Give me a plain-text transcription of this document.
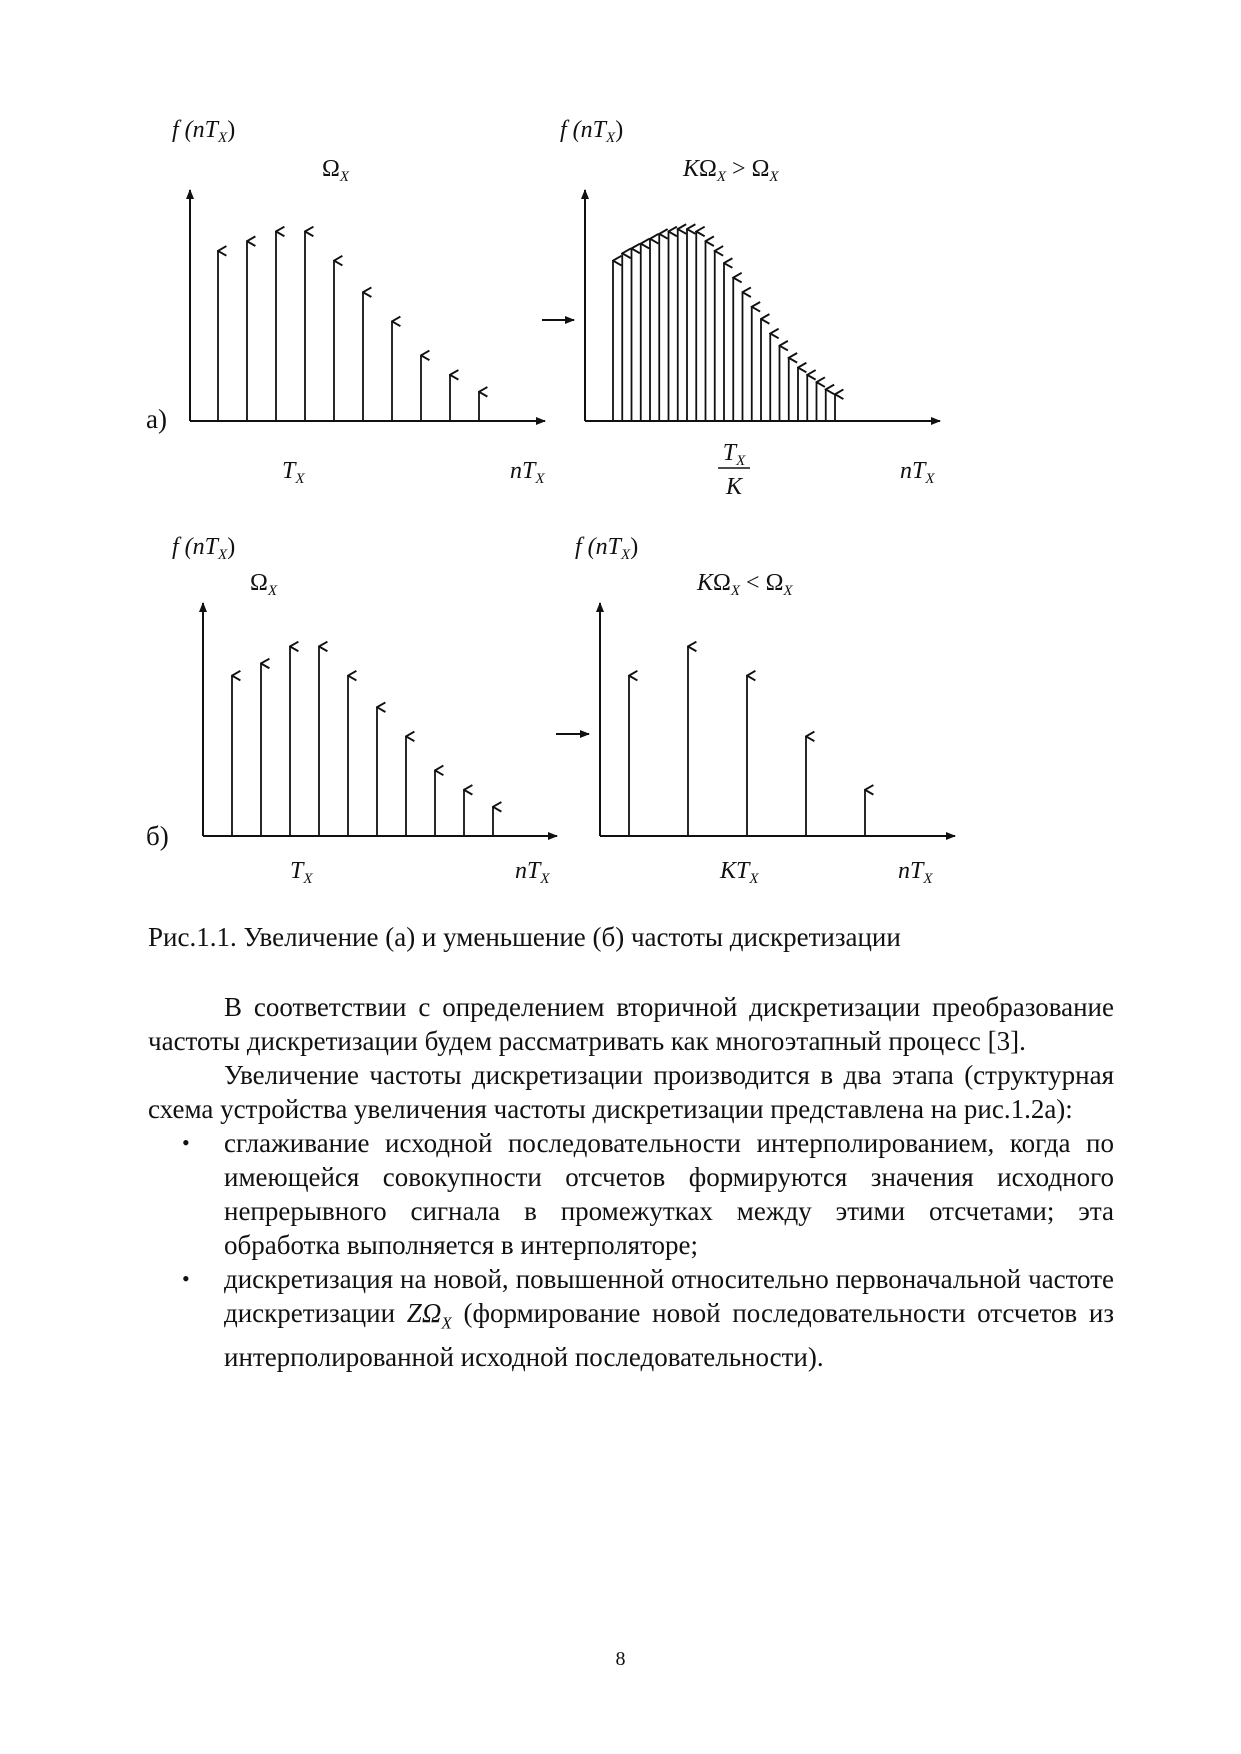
f $(nT_X)$
$\Omega_X$
а)
$nT_X$
$T_X$
f $(nT_X)$
$K\Omega_X > \Omega_X$
$nT_X$
$T_X$
K
f $(nT_X)$
$\Omega_X$
б)
$nT_X$
$T_X$
f $(nT_X)$
$K\Omega_X < \Omega_X$
$nT_X$
$KT_X$
Рис.1.1. Увеличение (а) и уменьшение (б) частоты дискретизации

В соответствии с определением вторичной дискретизации преобразование частоты дискретизации будем рассматривать как многоэтапный процесс [3].

Увеличение частоты дискретизации производится в два этапа (структурная схема устройства увеличения частоты дискретизации представлена на рис.1.2а):

• сглаживание исходной последовательности интерполированием, когда по имеющейся совокупности отсчетов формируются значения исходного непрерывного сигнала в промежутках между этими отсчетами; эта обработка выполняется в интерполяторе;
• дискретизация на новой, повышенной относительно первоначальной частоте дискретизации $Z\Omega_X$ (формирование новой последовательности отсчетов из интерполированной исходной последовательности).
8
